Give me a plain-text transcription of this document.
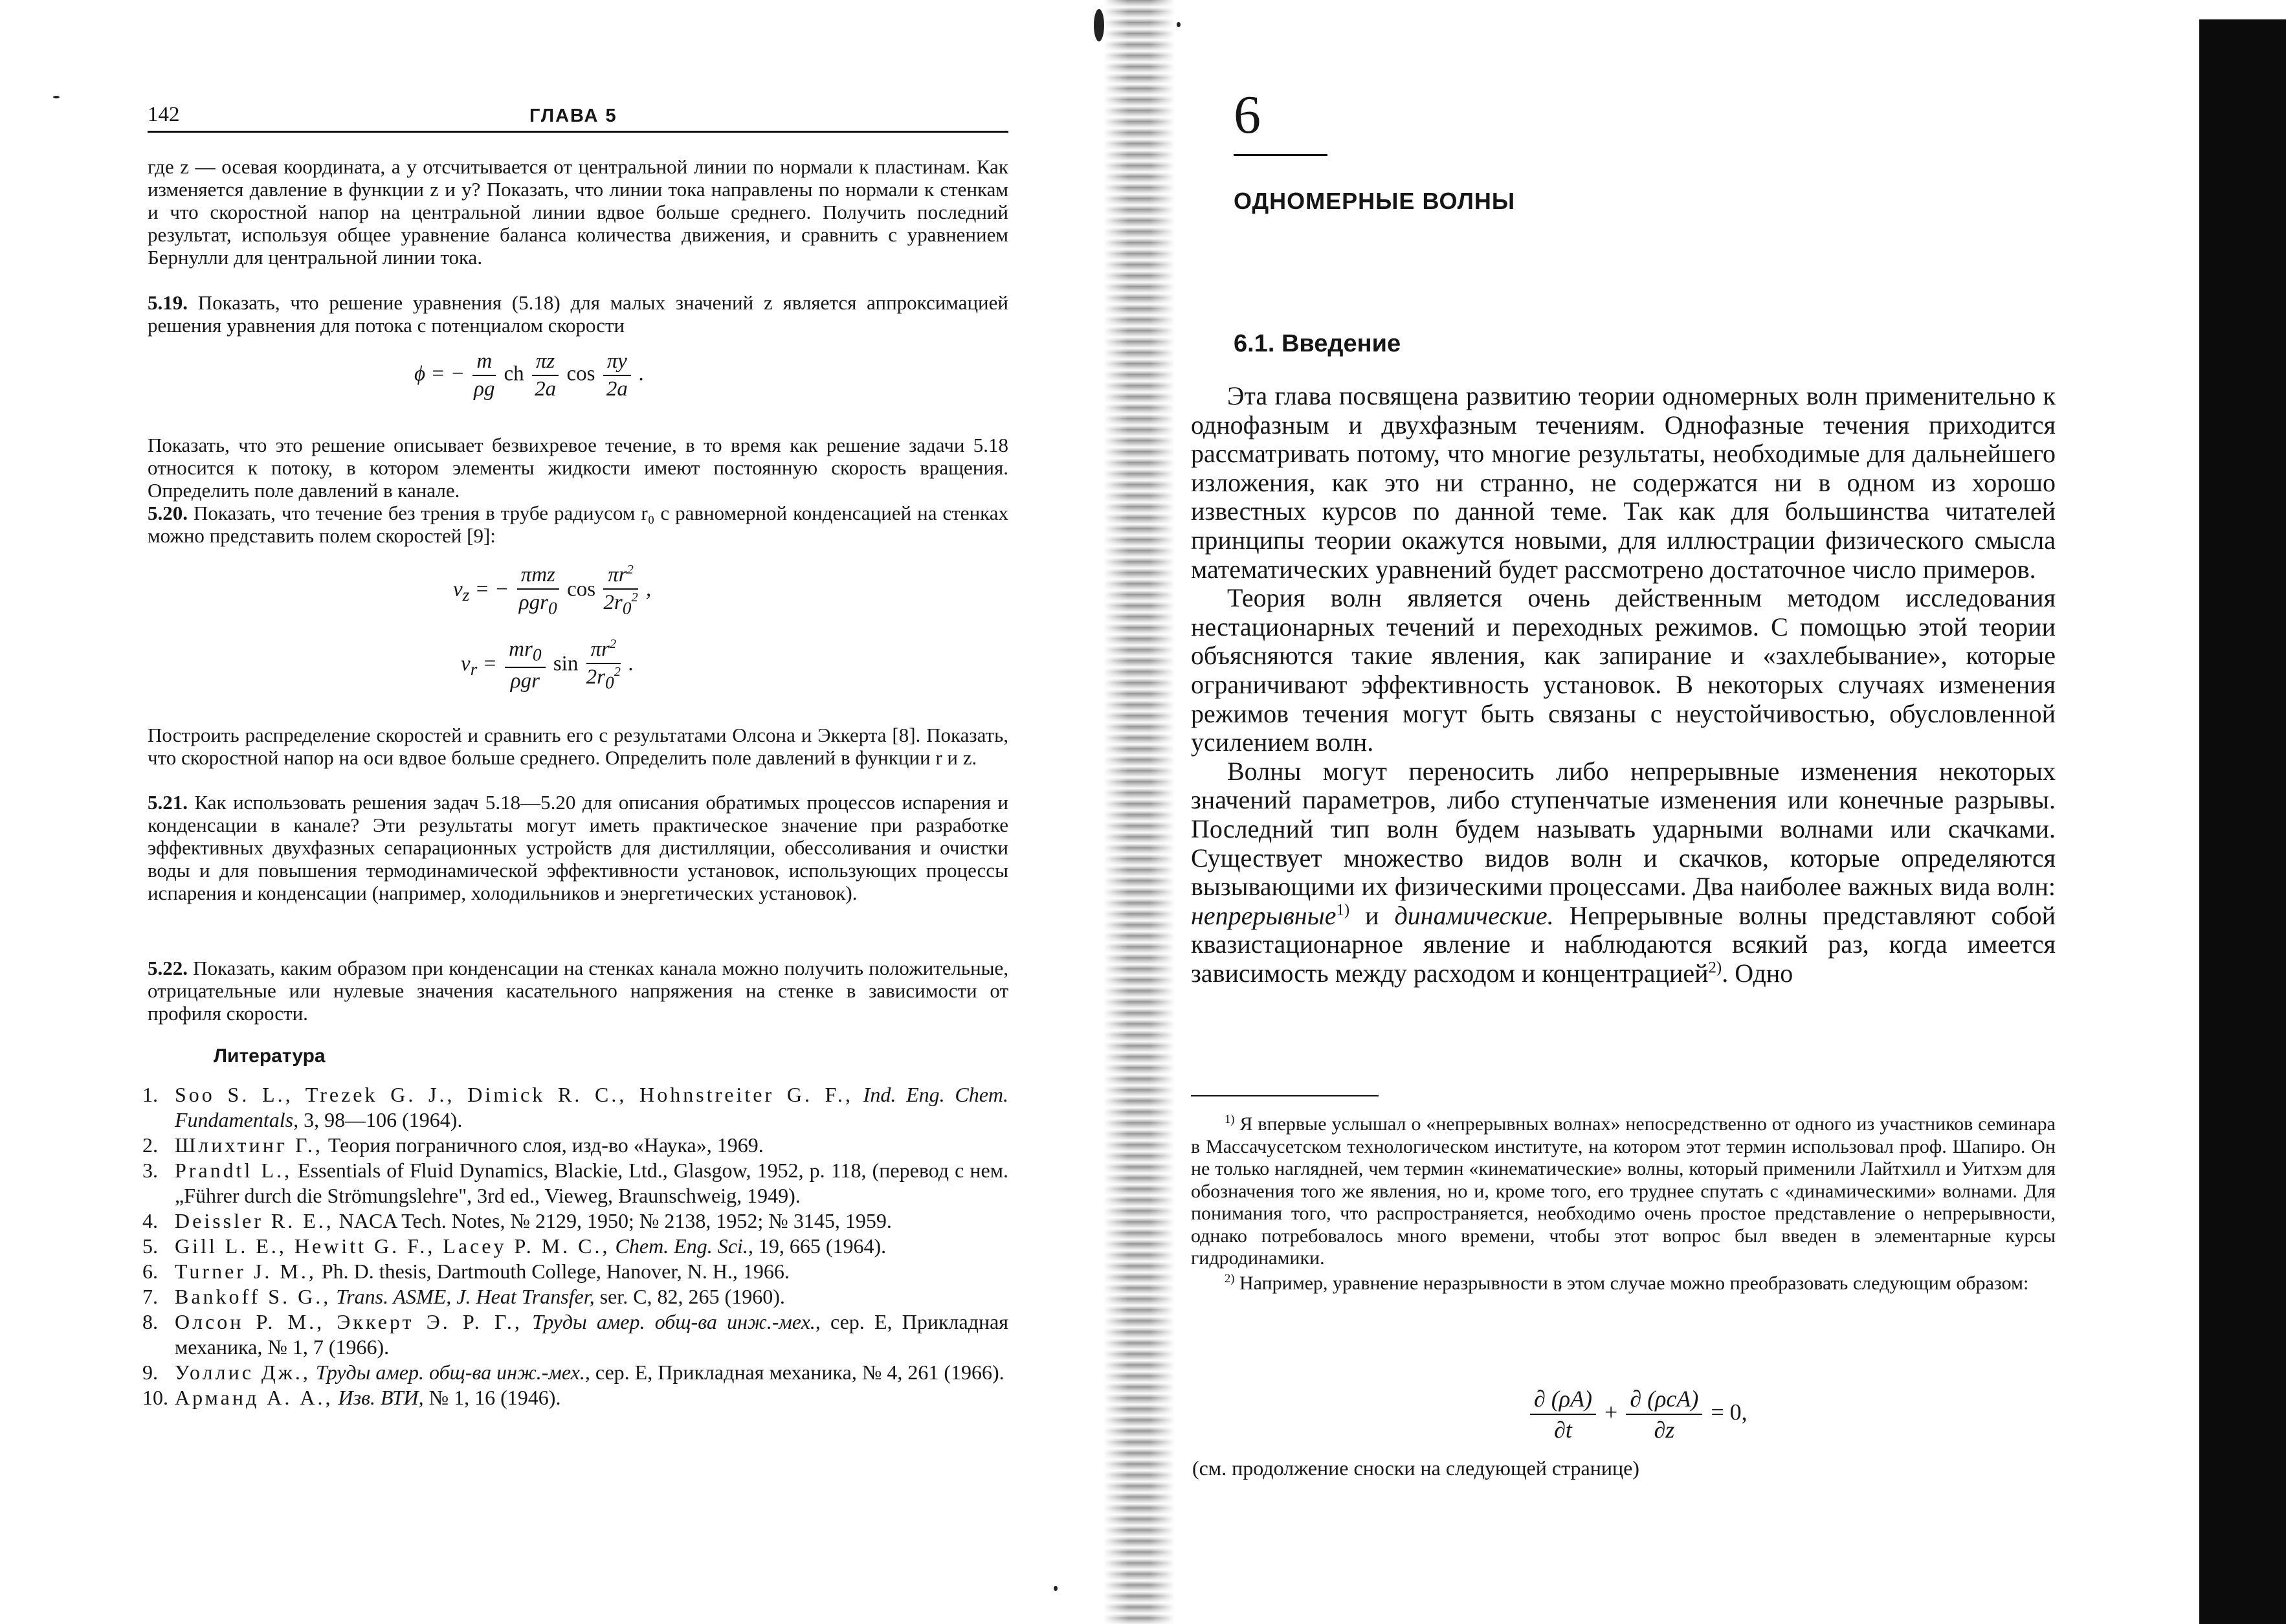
142	ГЛАВА 5

где z — осевая координата, а y отсчитывается от центральной линии по нормали к пластинам. Как изменяется давление в функции z и y? Показать, что линии тока направлены по нормали к стенкам и что скоростной напор на центральной линии вдвое больше среднего. Получить последний результат, используя общее уравнение баланса количества движения, и сравнить с уравнением Бернулли для центральной линии тока.

5.19. Показать, что решение уравнения (5.18) для малых значений z является аппроксимацией решения уравнения для потока с потенциалом скорости

ϕ = − $\frac{m}{\rho g}$ ch $\frac{\pi z}{2a}$ $\cos \frac{\pi y}{2a}$ .

Показать, что это решение описывает безвихревое течение, в то время как решение задачи 5.18 относится к потоку, в котором элементы жидкости имеют постоянную скорость вращения. Определить поле давлений в канале.

5.20. Показать, что течение без трения в трубе радиусом r₀ с равномерной конденсацией на стенках можно представить полем скоростей [9]:

$v_z$ = − $\frac{\text{πmz}}{\rho gr_0}$ $\cos \frac{\pi r^2}{2r_0^2}$ ,
$v_r = \frac{mr_0}{\text{ρgr}}$ $\sin \frac{\pi r^2}{2r_0^2}$ .

Построить распределение скоростей и сравнить его с результатами Олсона и Эккерта [8]. Показать, что скоростной напор на оси вдвое больше среднего. Определить поле давлений в функции r и z.

5.21. Как использовать решения задач 5.18—5.20 для описания обратимых процессов испарения и конденсации в канале? Эти результаты могут иметь практическое значение при разработке эффективных двухфазных сепарационных устройств для дистилляции, обессоливания и очистки воды и для повышения термодинамической эффективности установок, использующих процессы испарения и конденсации (например, холодильников и энергетических установок).

5.22. Показать, каким образом при конденсации на стенках канала можно получить положительные, отрицательные или нулевые значения касательного напряжения на стенке в зависимости от профиля скорости.

Литература
1. Soo S. L., Trezek G. J., Dimick R. C., Hohnstreiter G. F., Ind. Eng. Chem. Fundamentals, 3, 98—106 (1964).
2. Шлихтинг Г., Теория пограничного слоя, изд-во «Наука», 1969.
3. Prandtl L., Essentials of Fluid Dynamics, Blackie, Ltd., Glasgow, 1952, p. 118, (перевод с нем. „Führer durch die Strömungslehre", 3rd ed., Vieweg, Braunschweig, 1949).
4. Deissler R. E., NACA Tech. Notes, № 2129, 1950; № 2138, 1952; № 3145, 1959.
5. Gill L. E., Hewitt G. F., Lacey P. M. C., Chem. Eng. Sci., 19, 665 (1964).
6. Turner J. M., Ph. D. thesis, Dartmouth College, Hanover, N. H., 1966.
7. Bankoff S. G., Trans. ASME, J. Heat Transfer, ser. C, 82, 265 (1960).
8. Олсон Р. М., Эккерт Э. Р. Г., Труды амер. общ-ва инж.-мех., сер. Е, Прикладная механика, № 1, 7 (1966).
9. Уоллис Дж., Труды амер. общ-ва инж.-мех., сер. Е, Прикладная механика, № 4, 261 (1966).
10. Арманд А. А., Изв. ВТИ, № 1, 16 (1946).
6
ОДНОМЕРНЫЕ ВОЛНЫ
6.1. Введение

Эта глава посвящена развитию теории одномерных волн применительно к однофазным и двухфазным течениям. Однофазные течения приходится рассматривать потому, что многие результаты, необходимые для дальнейшего изложения, как это ни странно, не содержатся ни в одном из хорошо известных курсов по данной теме. Так как для большинства читателей принципы теории окажутся новыми, для иллюстрации физического смысла математических уравнений будет рассмотрено достаточное число примеров.

Теория волн является очень действенным методом исследования нестационарных течений и переходных режимов. С помощью этой теории объясняются такие явления, как запирание и «захлебывание», которые ограничивают эффективность установок. В некоторых случаях изменения режимов течения могут быть связаны с неустойчивостью, обусловленной усилением волн.

Волны могут переносить либо непрерывные изменения некоторых значений параметров, либо ступенчатые изменения или конечные разрывы. Последний тип волн будем называть ударными волнами или скачками. Существует множество видов волн и скачков, которые определяются вызывающими их физическими процессами. Два наиболее важных вида волн: непрерывные$^{1)}$ и динамические. Непрерывные волны представляют собой квазистационарное явление и наблюдаются всякий раз, когда имеется зависимость между расходом и концентрацией$^{2)}$. Одно

$^{1)}$ Я впервые услышал о «непрерывных волнах» непосредственно от одного из участников семинара в Массачусетском технологическом институте, на котором этот термин использовал проф. Шапиро. Он не только наглядней, чем термин «кинематические» волны, который применили Лайтхилл и Уитхэм для обозначения того же явления, но и, кроме того, его труднее спутать с «динамическими» волнами. Для понимания того, что распространяется, необходимо очень простое представление о непрерывности, однако потребовалось много времени, чтобы этот вопрос был введен в элементарные курсы гидродинамики.

$^{2)}$ Например, уравнение неразрывности в этом случае можно преобразовать следующим образом:

$\frac{\partial (\rho A)}{\partial t} + \frac{\text{∂ (ρcA)}}{\partial z} = 0$,
(см. продолжение сноски на следующей странице)
